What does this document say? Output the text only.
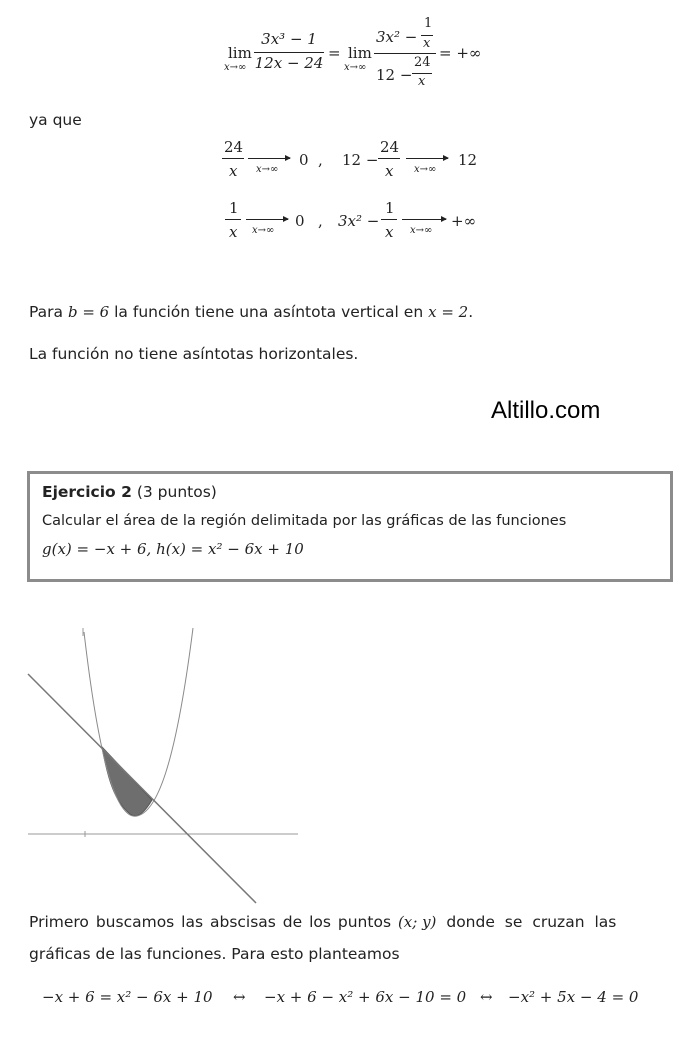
lim
x→∞
3x³ − 1
12x − 24
= lim
x→∞
3x² −
1
x
12 −
24
x
= +∞
ya que
24
x x→∞
0 , 12 −
24
x x→∞
12
1
x x→∞
0 , 3x² −
1
x x→∞
+∞
Para b = 6 la función tiene una asíntota vertical en x = 2.
La función no tiene asíntotas horizontales.
Altillo.com
Ejercicio 2 (3 puntos)
Calcular el área de la región delimitada por las gráficas de las funciones
g(x) = −x + 6, h(x) = x² − 6x + 10
Primero buscamos las abscisas de los puntos (x; y) donde se cruzan las
gráficas de las funciones. Para esto planteamos
−x + 6 = x² − 6x + 10 ↔ −x + 6 − x² + 6x − 10 = 0 ↔ −x² + 5x − 4 = 0
